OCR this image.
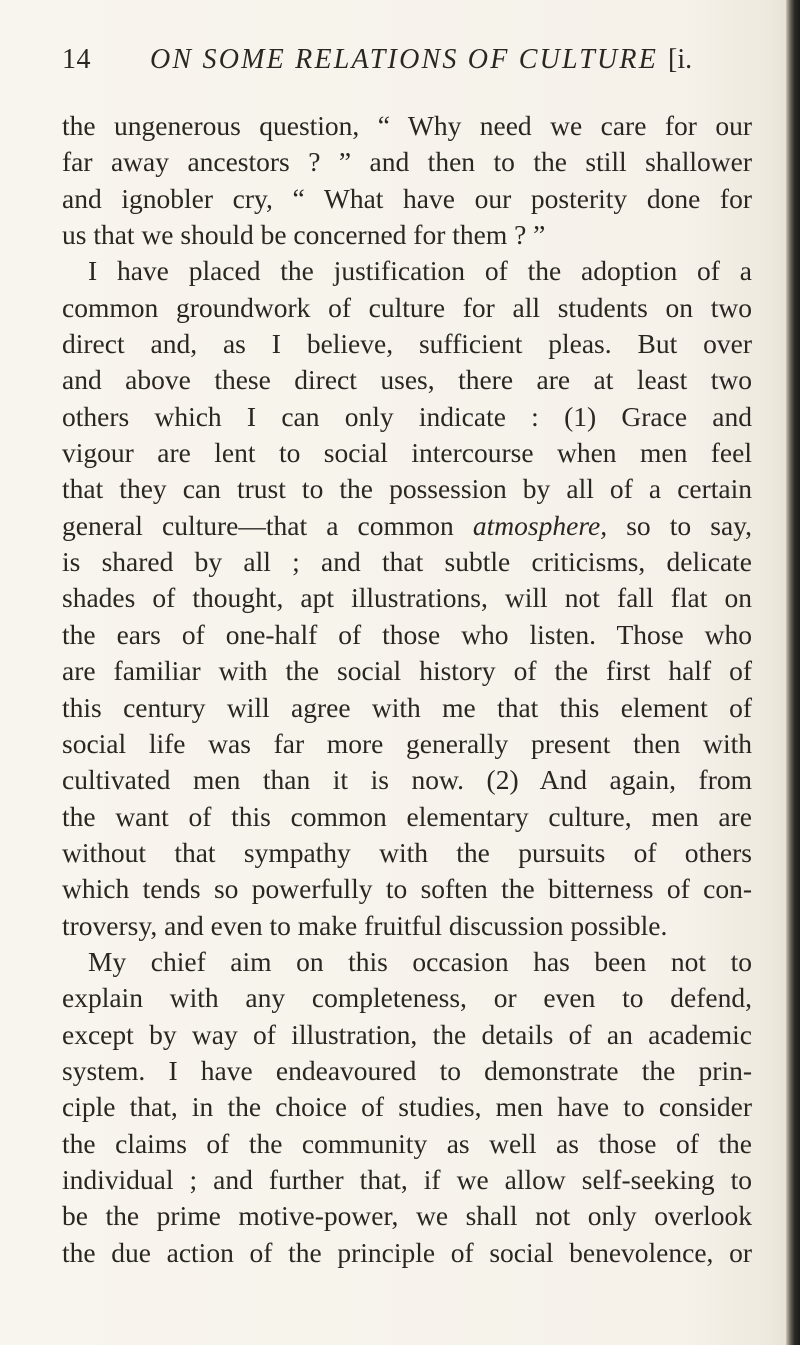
14 ON SOME RELATIONS OF CULTURE [i.
the ungenerous question, “ Why need we care for our
far away ancestors ? ” and then to the still shallower
and ignobler cry, “ What have our posterity done for
us that we should be concerned for them ? ”
I have placed the justification of the adoption of a
common groundwork of culture for all students on two
direct and, as I believe, sufficient pleas. But over
and above these direct uses, there are at least two
others which I can only indicate : (1) Grace and
vigour are lent to social intercourse when men feel
that they can trust to the possession by all of a certain
general culture—that a common atmosphere, so to say,
is shared by all ; and that subtle criticisms, delicate
shades of thought, apt illustrations, will not fall flat on
the ears of one-half of those who listen. Those who
are familiar with the social history of the first half of
this century will agree with me that this element of
social life was far more generally present then with
cultivated men than it is now. (2) And again, from
the want of this common elementary culture, men are
without that sympathy with the pursuits of others
which tends so powerfully to soften the bitterness of con-
troversy, and even to make fruitful discussion possible.
My chief aim on this occasion has been not to
explain with any completeness, or even to defend,
except by way of illustration, the details of an academic
system. I have endeavoured to demonstrate the prin-
ciple that, in the choice of studies, men have to consider
the claims of the community as well as those of the
individual ; and further that, if we allow self-seeking to
be the prime motive-power, we shall not only overlook
the due action of the principle of social benevolence, or
